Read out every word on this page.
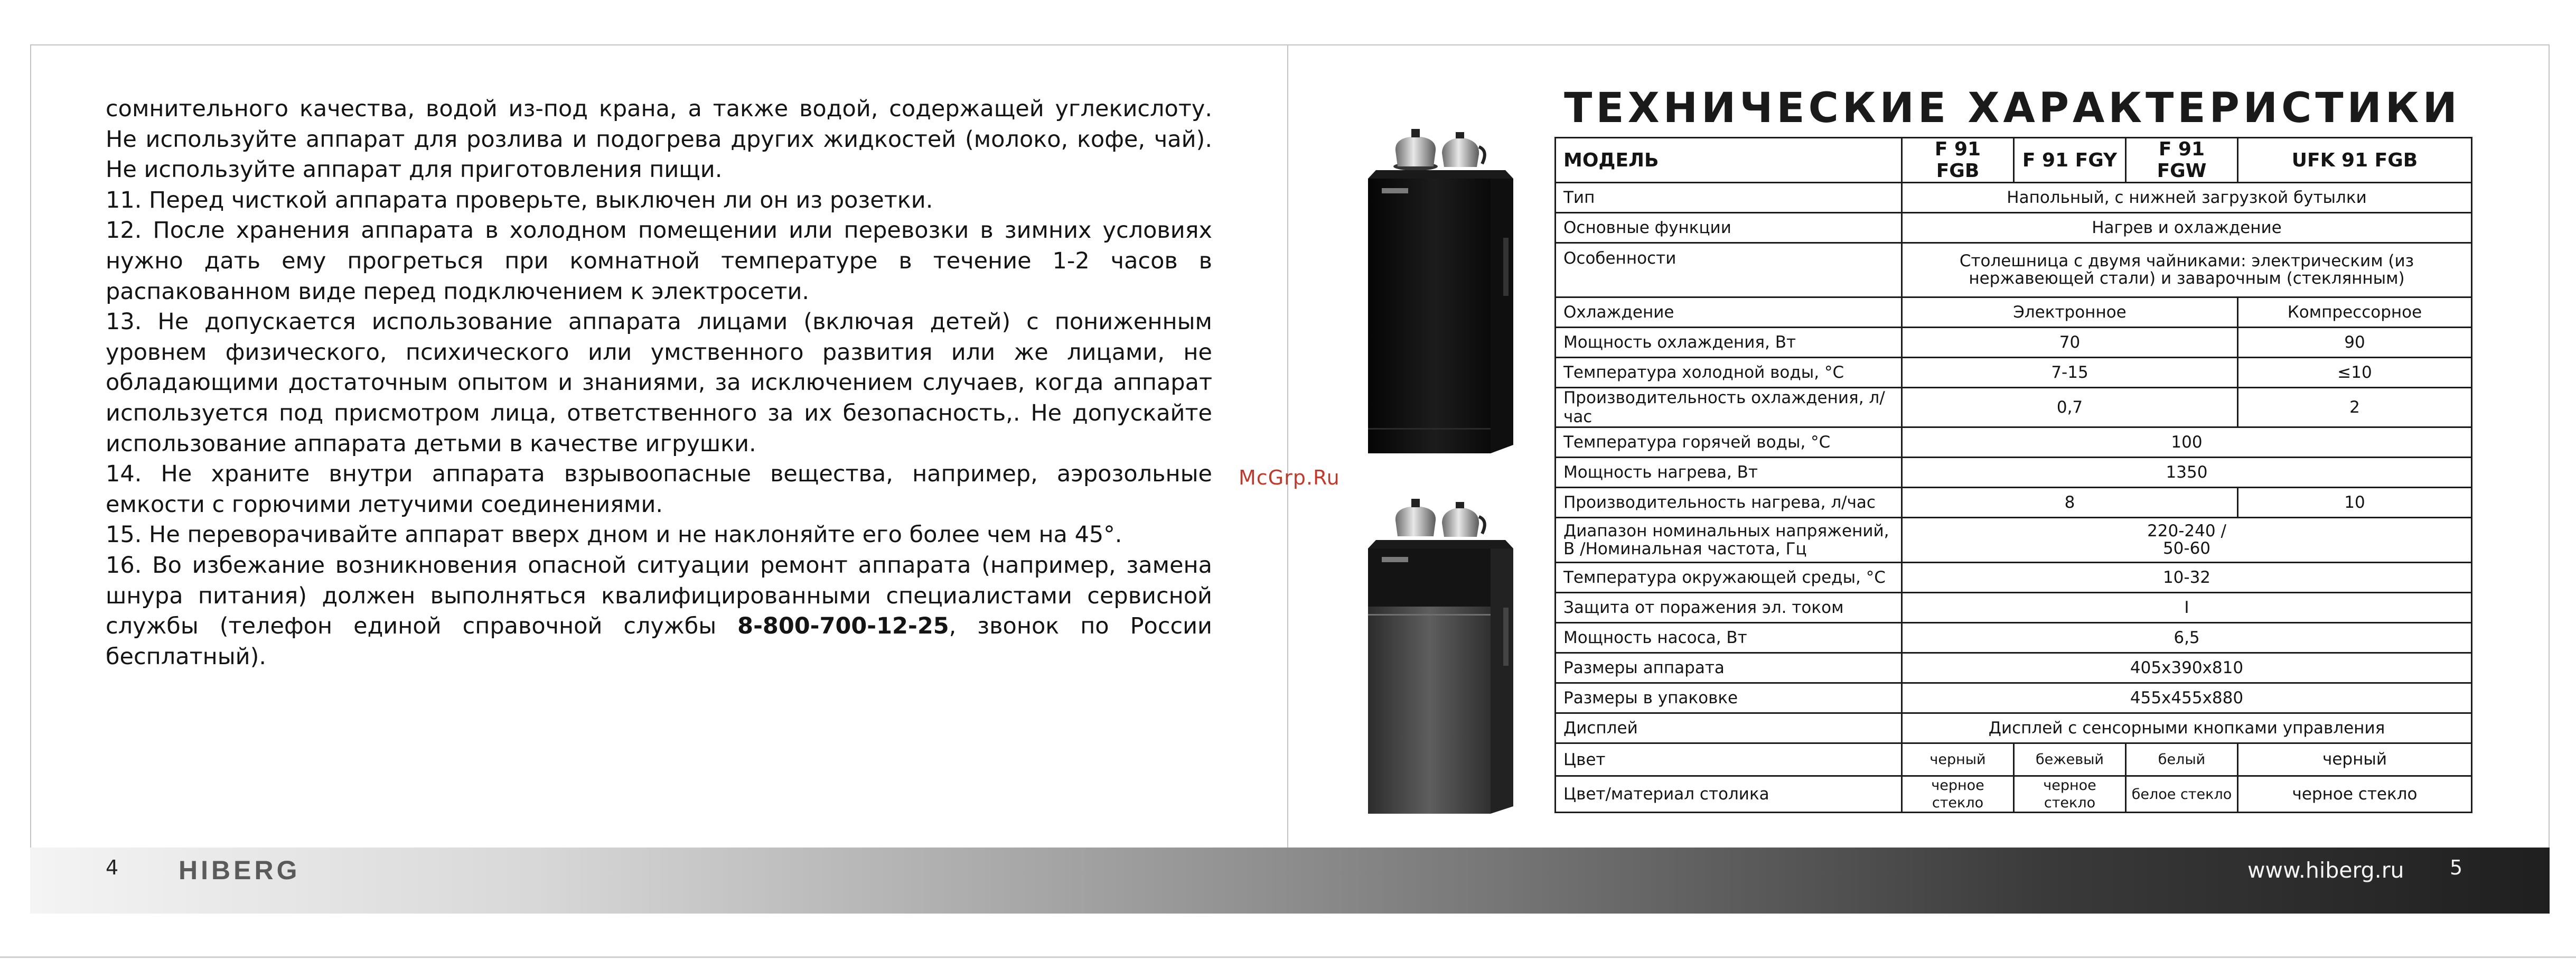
сомнительного качества, водой из-под крана, а также водой, содержащей углекислоту. Не используйте аппарат для розлива и подогрева других жидкостей (молоко, кофе, чай). Не используйте аппарат для приготовления пищи.

11. Перед чисткой аппарата проверьте, выключен ли он из розетки.

12. После хранения аппарата в холодном помещении или перевозки в зимних условиях нужно дать ему прогреться при комнатной температуре в течение 1-2 часов в распакованном виде перед подключением к электросети.

13. Не допускается использование аппарата лицами (включая детей) с пониженным уровнем физического, психического или умственного развития или же лицами, не обладающими достаточным опытом и знаниями, за исключением случаев, когда аппарат используется под присмотром лица, ответственного за их безопасность,. Не допускайте использование аппарата детьми в качестве игрушки.

14. Не храните внутри аппарата взрывоопасные вещества, например, аэрозольные емкости с горючими летучими соединениями.

15. Не переворачивайте аппарат вверх дном и не наклоняйте его более чем на 45°.

16. Во избежание возникновения опасной ситуации ремонт аппарата (например, замена шнура питания) должен выполняться квалифицированными специалистами сервисной службы (телефон единой справочной службы 8-800-700-12-25, звонок по России бесплатный).

McGrp.Ru
ТЕХНИЧЕСКИЕ ХАРАКТЕРИСТИКИ
МОДЕЛЬ	F 91 FGB	F 91 FGY	F 91 FGW	UFK 91 FGB
Тип	Напольный, с нижней загрузкой бутылки			
Основные функции	Нагрев и охлаждение			
Особенности	Столешница с двумя чайниками: электрическим (из нержавеющей стали) и заварочным (стеклянным)			
Охлаждение	Электронное			Компрессорное
Мощность охлаждения, Вт	70			90
Температура холодной воды, °C	7-15			≤10
Производительность охлаждения, л/час	0,7			2
Температура горячей воды, °C	100			
Мощность нагрева, Вт	1350			
Производительность нагрева, л/час	8			10
Диапазон номинальных напряжений, В /Номинальная частота, Гц	220-240 /
50-60			
Температура окружающей среды, °C	10-32			
Защита от поражения эл. током	I			
Мощность насоса, Вт	6,5			
Размеры аппарата	405x390x810			
Размеры в упаковке	455x455x880			
Дисплей	Дисплей с сенсорными кнопками управления			
Цвет	черный	бежевый	белый	черный
Цвет/материал столика	черное стекло	черное стекло	белое стекло	черное стекло
4 HIBERG	www.hiberg.ru 5
